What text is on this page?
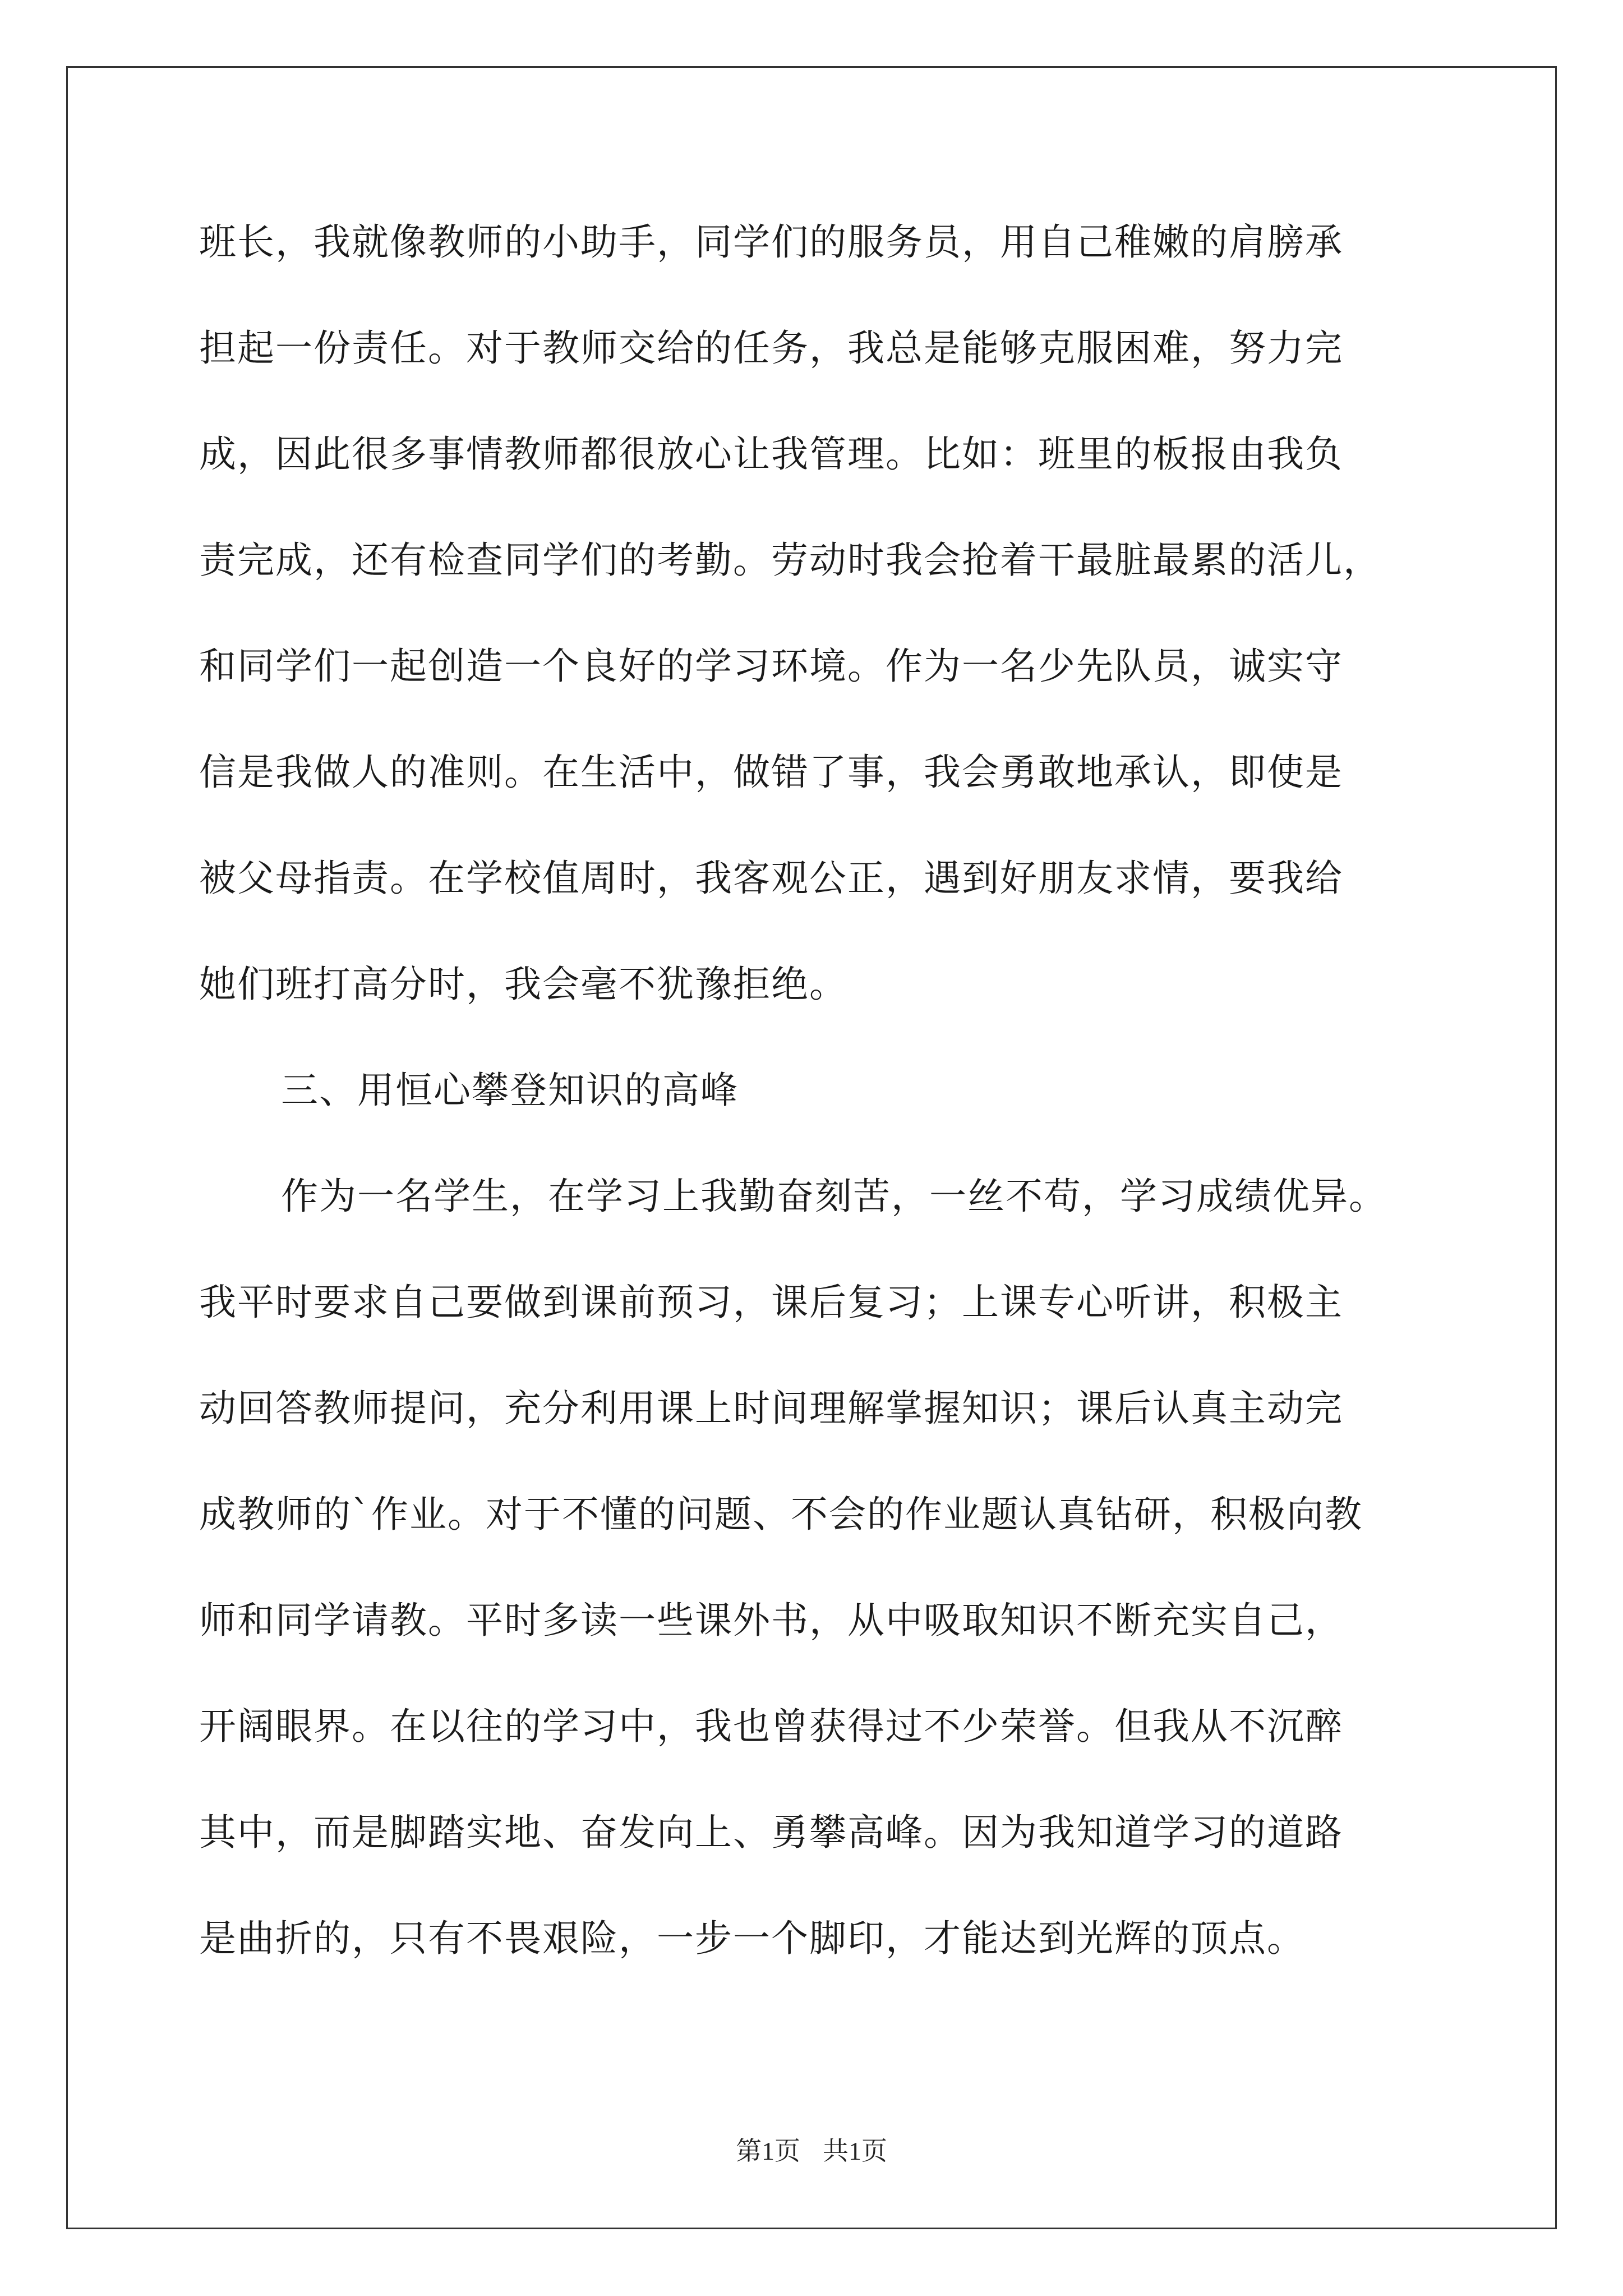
班长，我就像教师的小助手，同学们的服务员，用自己稚嫩的肩膀承
担起一份责任。对于教师交给的任务，我总是能够克服困难，努力完
成，因此很多事情教师都很放心让我管理。比如：班里的板报由我负
责完成，还有检查同学们的考勤。劳动时我会抢着干最脏最累的活儿，
和同学们一起创造一个良好的学习环境。作为一名少先队员，诚实守
信是我做人的准则。在生活中，做错了事，我会勇敢地承认，即使是
被父母指责。在学校值周时，我客观公正，遇到好朋友求情，要我给
她们班打高分时，我会毫不犹豫拒绝。
三、用恒心攀登知识的高峰
作为一名学生，在学习上我勤奋刻苦，一丝不苟，学习成绩优异。
我平时要求自己要做到课前预习，课后复习；上课专心听讲，积极主
动回答教师提问，充分利用课上时间理解掌握知识；课后认真主动完
成教师的`作业。对于不懂的问题、不会的作业题认真钻研，积极向教
师和同学请教。平时多读一些课外书，从中吸取知识不断充实自己，
开阔眼界。在以往的学习中，我也曾获得过不少荣誉。但我从不沉醉
其中，而是脚踏实地、奋发向上、勇攀高峰。因为我知道学习的道路
是曲折的，只有不畏艰险，一步一个脚印，才能达到光辉的顶点。
第1页 共1页
